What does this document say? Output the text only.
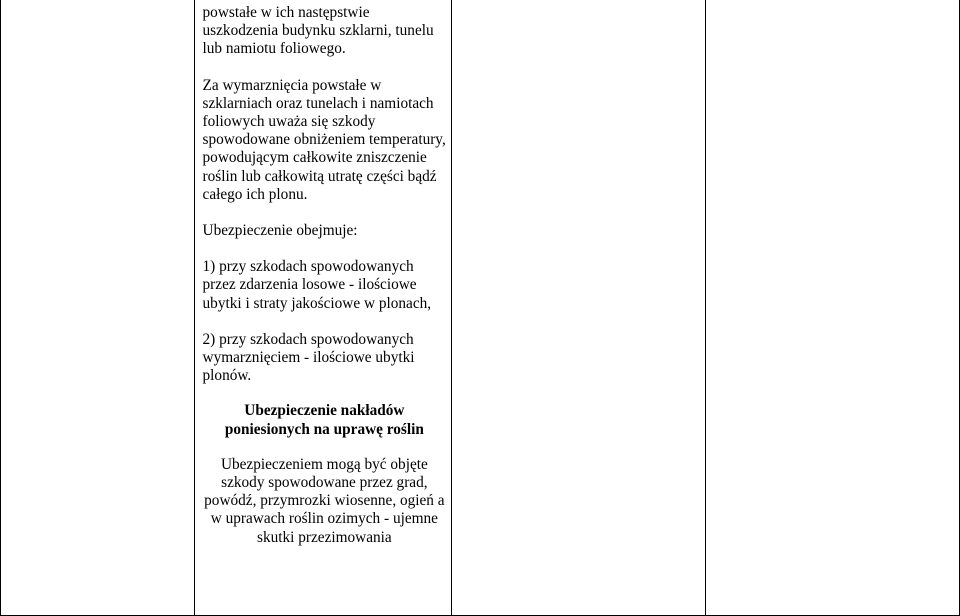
powstałe w ich następstwie uszkodzenia budynku szklarni, tunelu lub namiotu foliowego.

Za wymarznięcia powstałe w szklarniach oraz tunelach i namiotach foliowych uważa się szkody spowodowane obniżeniem temperatury, powodującym całkowite zniszczenie roślin lub całkowitą utratę części bądź całego ich plonu.

Ubezpieczenie obejmuje:

1) przy szkodach spowodowanych przez zdarzenia losowe - ilościowe ubytki i straty jakościowe w plonach,

2) przy szkodach spowodowanych wymarznięciem - ilościowe ubytki plonów.

Ubezpieczenie nakładów poniesionych na uprawę roślin

Ubezpieczeniem mogą być objęte szkody spowodowane przez grad, powódź, przymrozki wiosenne, ogień a w uprawach roślin ozimych - ujemne skutki przezimowania
